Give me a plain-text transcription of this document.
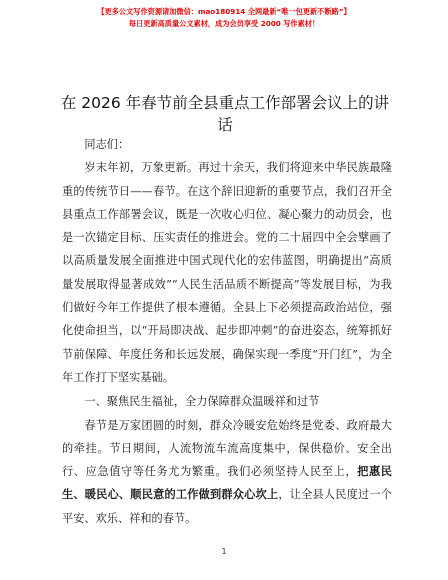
【更多公文写作资源请加微信：mao180914 全网最新“唯一包更新不断路”】
每日更新高质量公文素材，成为会员享受 2000 写作素材！
在 2026 年春节前全县重点工作部署会议上的讲话

同志们：

岁末年初，万象更新。再过十余天，我们将迎来中华民族最隆重的传统节日——春节。在这个辞旧迎新的重要节点，我们召开全县重点工作部署会议，既是一次收心归位、凝心聚力的动员会，也是一次锚定目标、压实责任的推进会。党的二十届四中全会擘画了以高质量发展全面推进中国式现代化的宏伟蓝图，明确提出“高质量发展取得显著成效”“人民生活品质不断提高”等发展目标，为我们做好今年工作提供了根本遵循。全县上下必须提高政治站位，强化使命担当，以“开局即决战、起步即冲刺”的奋进姿态，统筹抓好节前保障、年度任务和长远发展，确保实现一季度“开门红”，为全年工作打下坚实基础。

一、聚焦民生福祉，全力保障群众温暖祥和过节

春节是万家团圆的时刻，群众冷暖安危始终是党委、政府最大的牵挂。节日期间，人流物流车流高度集中，保供稳价、安全出行、应急值守等任务尤为繁重。我们必须坚持人民至上，把惠民生、暖民心、顺民意的工作做到群众心坎上，让全县人民度过一个平安、欢乐、祥和的春节。

1
